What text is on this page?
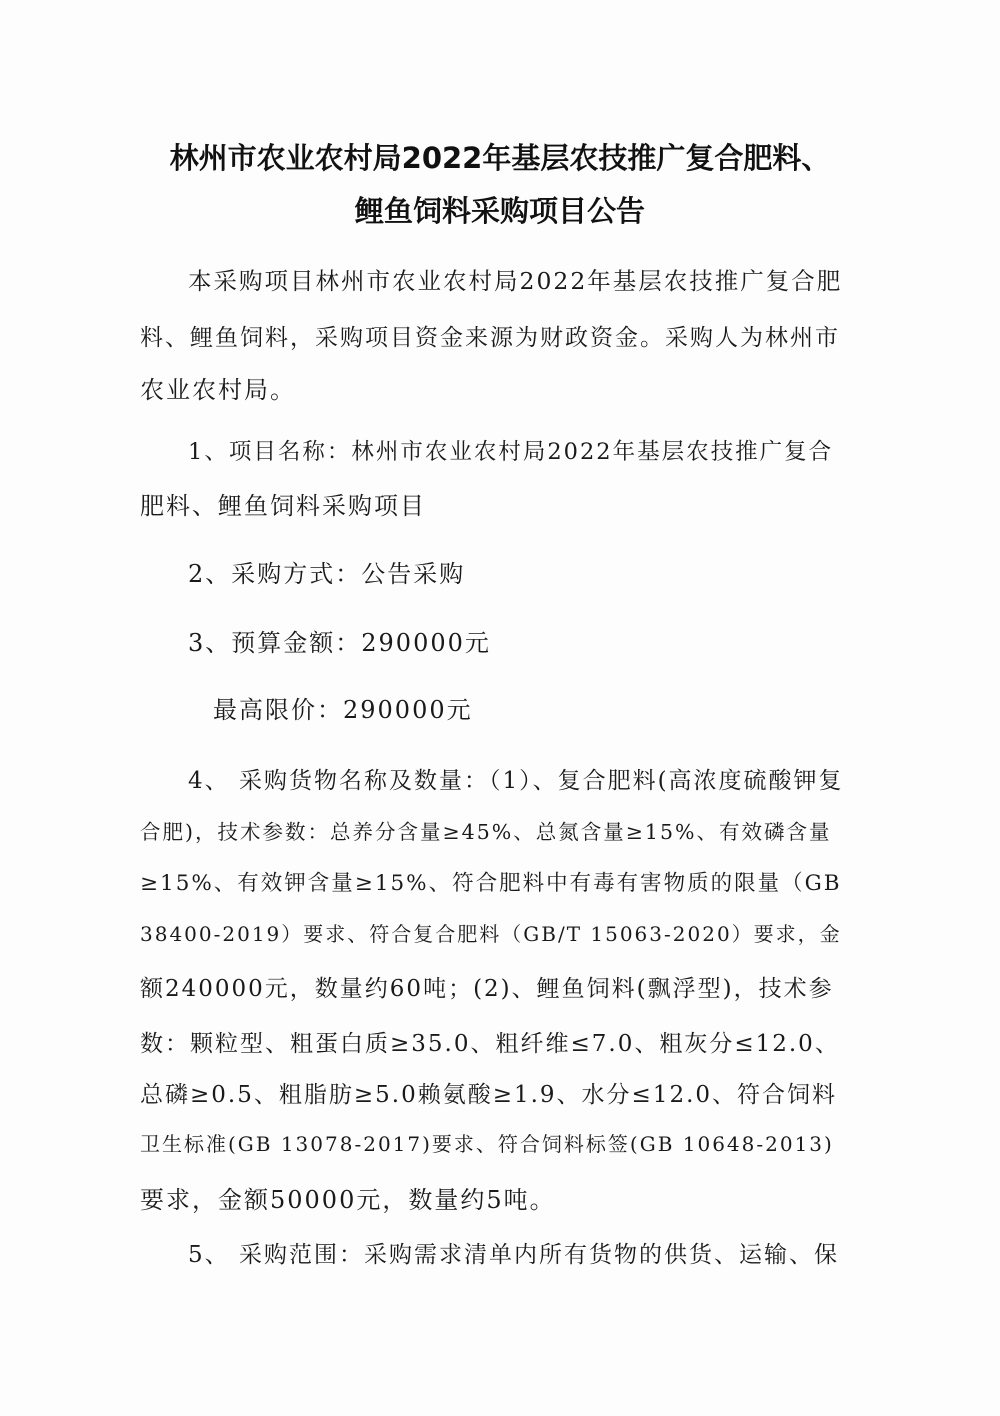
林州市农业农村局2022年基层农技推广复合肥料、
鲤鱼饲料采购项目公告
本采购项目林州市农业农村局2022年基层农技推广复合肥
料、鲤鱼饲料，采购项目资金来源为财政资金。采购人为林州市
农业农村局。
1、项目名称：林州市农业农村局2022年基层农技推广复合
肥料、鲤鱼饲料采购项目
2、采购方式：公告采购
3、预算金额：290000元
最高限价：290000元
4、 采购货物名称及数量：（1）、复合肥料(高浓度硫酸钾复
合肥)，技术参数：总养分含量≥45%、总氮含量≥15%、有效磷含量
≥15%、有效钾含量≥15%、符合肥料中有毒有害物质的限量（GB
38400-2019）要求、符合复合肥料（GB/T 15063-2020）要求，金
额240000元，数量约60吨；(2)、鲤鱼饲料(飘浮型)，技术参
数：颗粒型、粗蛋白质≥35.0、粗纤维≤7.0、粗灰分≤12.0、
总磷≥0.5、粗脂肪≥5.0赖氨酸≥1.9、水分≤12.0、符合饲料
卫生标准(GB 13078-2017)要求、符合饲料标签(GB 10648-2013)
要求，金额50000元，数量约5吨。
5、 采购范围：采购需求清单内所有货物的供货、运输、保
